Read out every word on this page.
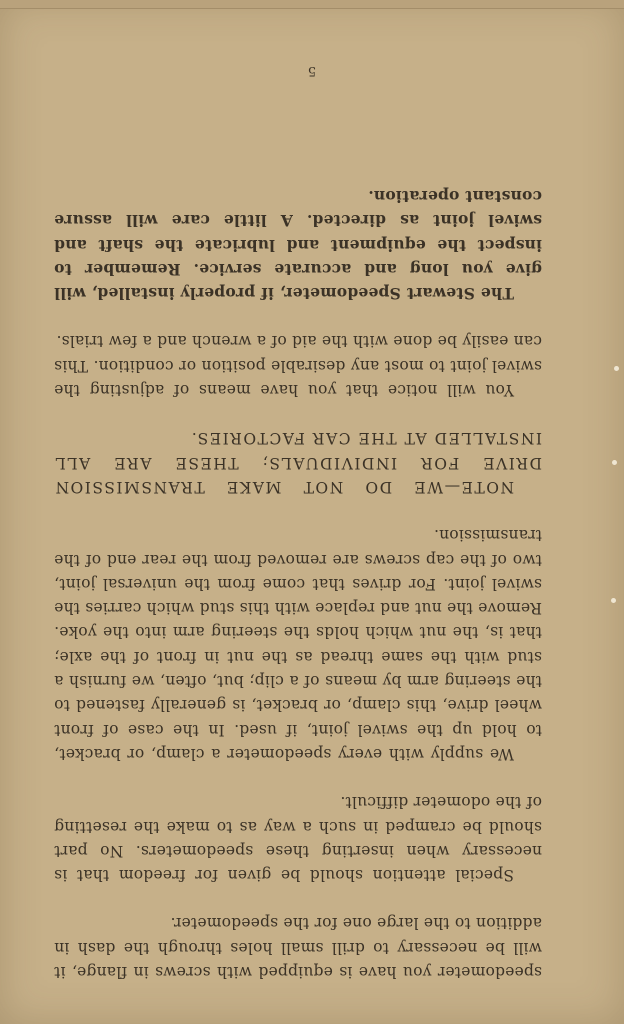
5

speedometer you have is equipped with screws in flange, it will be necessary to drill small holes through the dash in addition to the large one for the speedometer.

Special attention should be given for freedom that is necessary when inserting these speedometers. No part should be cramped in such a way as to make the resetting of the odometer difficult.

We supply with every speedometer a clamp, or bracket, to hold up the swivel joint, if used. In the case of front wheel drive, this clamp, or bracket, is generally fastened to the steering arm by means of a clip; but, often, we furnish a stud with the same thread as the nut in front of the axle; that is, the nut which holds the steering arm into the yoke. Remove the nut and replace with this stud which carries the swivel joint. For drives that come from the universal joint, two of the cap screws are removed from the rear end of the transmission.

NOTE—WE DO NOT MAKE TRANSMISSION DRIVE FOR INDIVIDUALS; THESE ARE ALL INSTALLED AT THE CAR FACTORIES.

You will notice that you have means of adjusting the swivel joint to most any desirable position or condition. This can easily be done with the aid of a wrench and a few trials.

The Stewart Speedometer, if properly installed, will give you long and accurate service. Remember to inspect the equipment and lubricate the shaft and swivel joint as directed. A little care will assure constant operation.
